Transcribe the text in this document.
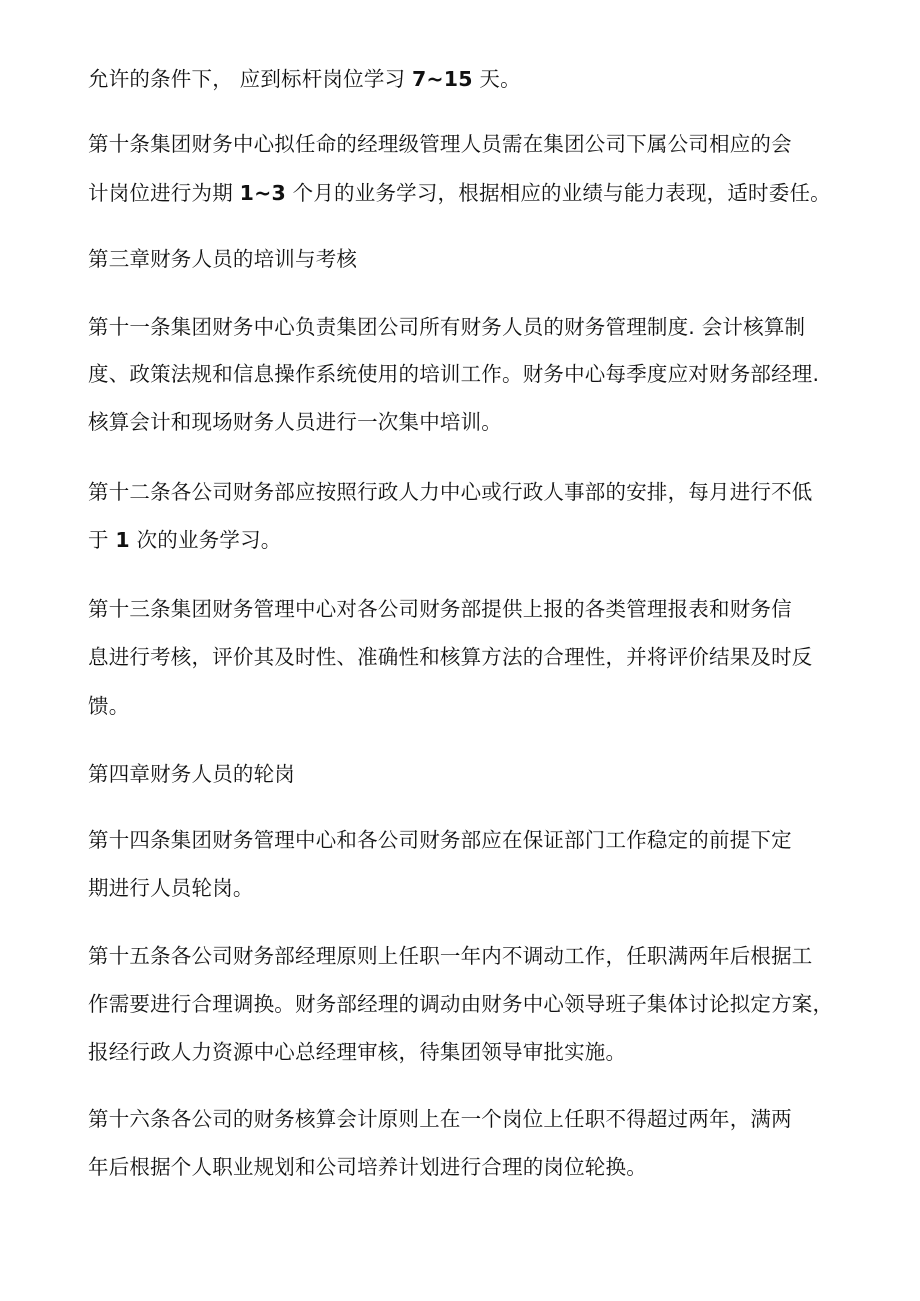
允许的条件下， 应到标杆岗位学习 7~15 天。
第十条集团财务中心拟任命的经理级管理人员需在集团公司下属公司相应的会
计岗位进行为期 1~3 个月的业务学习，根据相应的业绩与能力表现，适时委任。
第三章财务人员的培训与考核
第十一条集团财务中心负责集团公司所有财务人员的财务管理制度. 会计核算制
度、政策法规和信息操作系统使用的培训工作。财务中心每季度应对财务部经理.
核算会计和现场财务人员进行一次集中培训。
第十二条各公司财务部应按照行政人力中心或行政人事部的安排，每月进行不低
于 1 次的业务学习。
第十三条集团财务管理中心对各公司财务部提供上报的各类管理报表和财务信
息进行考核，评价其及时性、准确性和核算方法的合理性，并将评价结果及时反
馈。
第四章财务人员的轮岗
第十四条集团财务管理中心和各公司财务部应在保证部门工作稳定的前提下定
期进行人员轮岗。
第十五条各公司财务部经理原则上任职一年内不调动工作，任职满两年后根据工
作需要进行合理调换。财务部经理的调动由财务中心领导班子集体讨论拟定方案，
报经行政人力资源中心总经理审核，待集团领导审批实施。
第十六条各公司的财务核算会计原则上在一个岗位上任职不得超过两年，满两
年后根据个人职业规划和公司培养计划进行合理的岗位轮换。
